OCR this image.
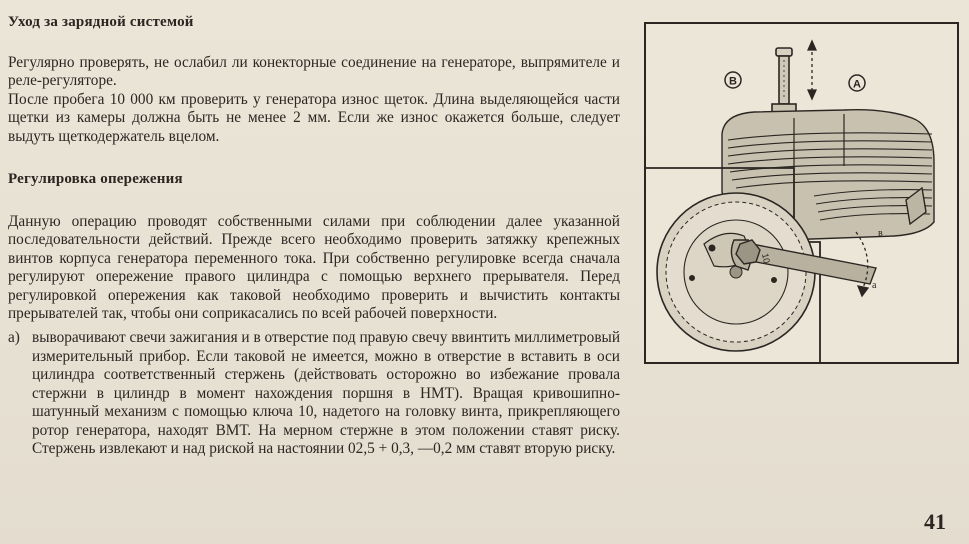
Уход за зарядной системой

Регулярно проверять, не ослабил ли конекторные соединение на генераторе, выпрямителе и реле-регуляторе.

После пробега 10 000 км проверить у генератора износ щеток. Длина выделяющейся части щетки из камеры должна быть не менее 2 мм. Если же износ окажется больше, следует выдуть щеткодержатель вцелом.

Регулировка опережения

Данную операцию проводят собственными силами при соблюдении далее указанной последовательности действий. Прежде всего необходимо проверить затяжку крепежных винтов корпуса генератора переменного тока. При собственно регулировке всегда сначала регулируют опережение правого цилиндра с помощью верхнего прерывателя. Перед регулировкой опережения как таковой необходимо проверить и вычистить контакты прерывателей так, чтобы они соприкасались по всей рабочей поверхности.

а) выворачивают свечи зажигания и в отверстие под правую свечу ввинтить миллиметровый измерительный прибор. Если таковой не имеется, можно в отверстие в вставить в оси цилиндра соответственный стержень (действовать осторожно во избежание провала стержни в цилиндр в момент нахождения поршня в НМТ). Вращая кривошипно-шатунный механизм с помощью ключа 10, надетого на головку винта, прикрепляющего ротор генератора, находят ВМТ. На мерном стержне в этом положении ставят риску. Стержень извлекают и над риской на настоянии 02,5 + 0,3, —0,2 мм ставят вторую риску.
B	A
10
в
а
41
